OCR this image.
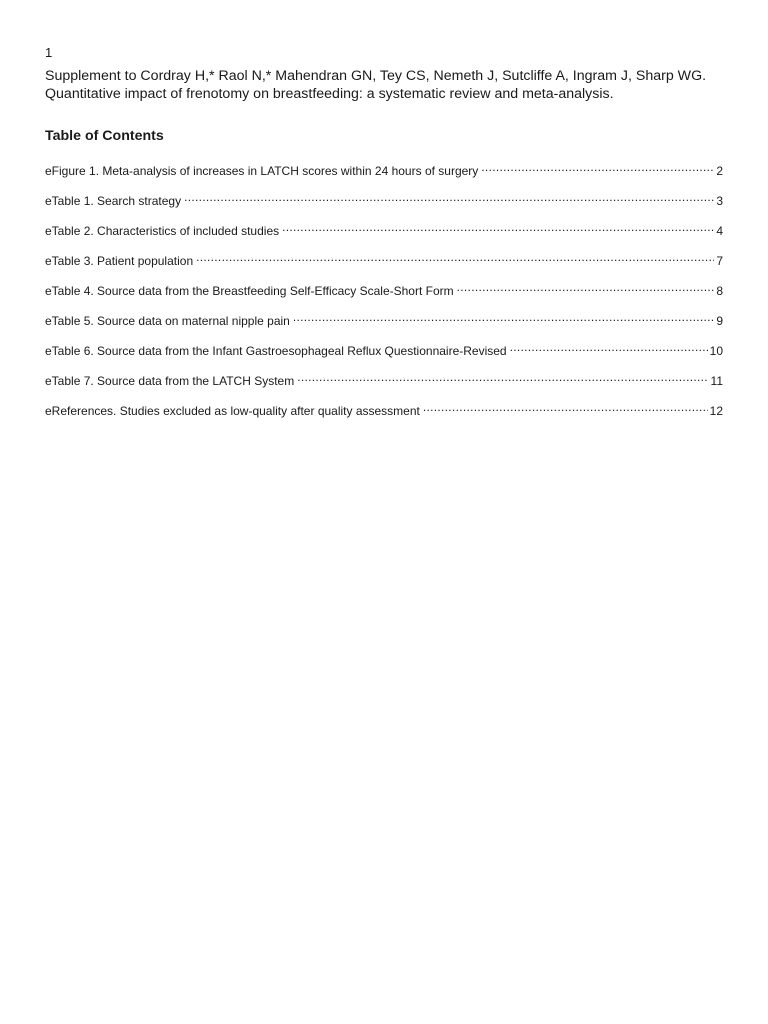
1

Supplement to Cordray H,* Raol N,* Mahendran GN, Tey CS, Nemeth J, Sutcliffe A, Ingram J, Sharp WG. Quantitative impact of frenotomy on breastfeeding: a systematic review and meta-analysis.

Table of Contents
eFigure 1. Meta-analysis of increases in LATCH scores within 24 hours of surgery .....	2
eTable 1. Search strategy .....	3
eTable 2. Characteristics of included studies .....	4
eTable 3. Patient population .....	7
eTable 4. Source data from the Breastfeeding Self-Efficacy Scale-Short Form .....	8
eTable 5. Source data on maternal nipple pain .....	9
eTable 6. Source data from the Infant Gastroesophageal Reflux Questionnaire-Revised .....	10
eTable 7. Source data from the LATCH System .....	11
eReferences. Studies excluded as low-quality after quality assessment .....	12
